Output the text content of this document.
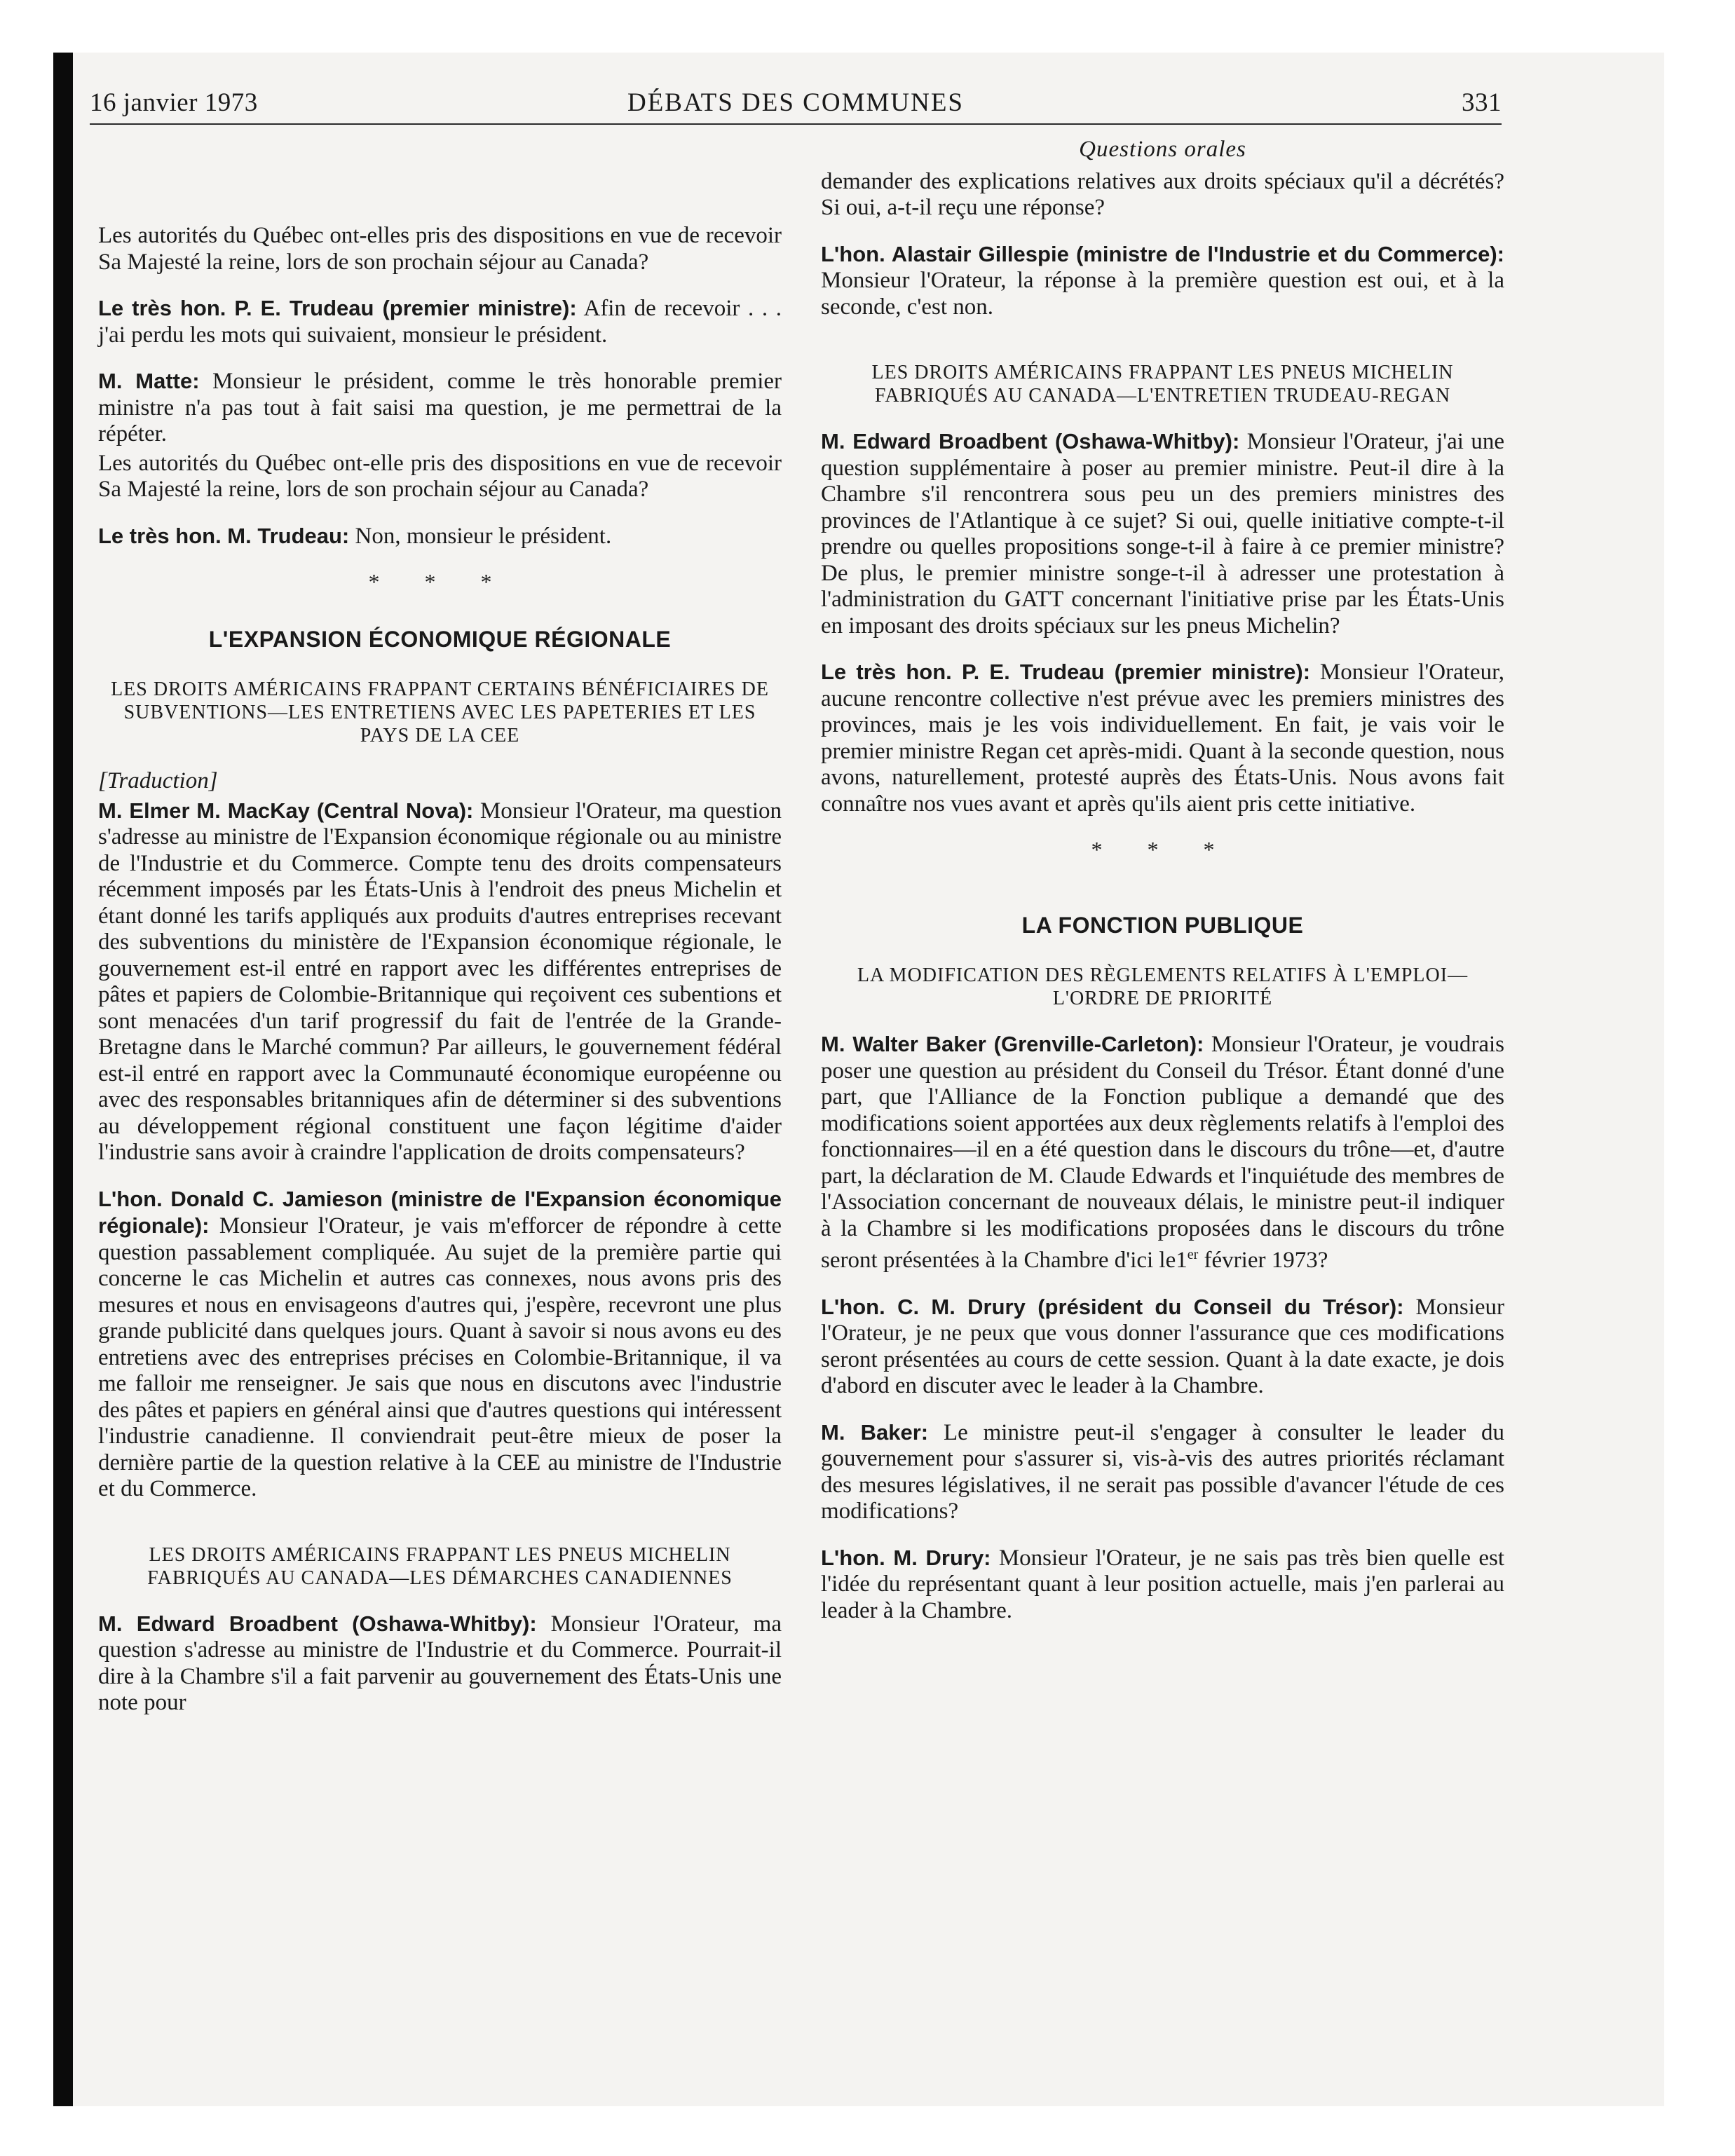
16 janvier 1973	DÉBATS DES COMMUNES	331

Les autorités du Québec ont-elles pris des dispositions en vue de recevoir Sa Majesté la reine, lors de son prochain séjour au Canada?

Le très hon. P. E. Trudeau (premier ministre): Afin de recevoir . . . j'ai perdu les mots qui suivaient, monsieur le président.

M. Matte: Monsieur le président, comme le très honorable premier ministre n'a pas tout à fait saisi ma question, je me permettrai de la répéter.

Les autorités du Québec ont-elle pris des dispositions en vue de recevoir Sa Majesté la reine, lors de son prochain séjour au Canada?

Le très hon. M. Trudeau: Non, monsieur le président.

* * *
L'EXPANSION ÉCONOMIQUE RÉGIONALE
LES DROITS AMÉRICAINS FRAPPANT CERTAINS BÉNÉFICIAIRES DE SUBVENTIONS—LES ENTRETIENS AVEC LES PAPETERIES ET LES PAYS DE LA CEE

[Traduction]

M. Elmer M. MacKay (Central Nova): Monsieur l'Orateur, ma question s'adresse au ministre de l'Expansion économique régionale ou au ministre de l'Industrie et du Commerce. Compte tenu des droits compensateurs récemment imposés par les États-Unis à l'endroit des pneus Michelin et étant donné les tarifs appliqués aux produits d'autres entreprises recevant des subventions du ministère de l'Expansion économique régionale, le gouvernement est-il entré en rapport avec les différentes entreprises de pâtes et papiers de Colombie-Britannique qui reçoivent ces subentions et sont menacées d'un tarif progressif du fait de l'entrée de la Grande-Bretagne dans le Marché commun? Par ailleurs, le gouvernement fédéral est-il entré en rapport avec la Communauté économique européenne ou avec des responsables britanniques afin de déterminer si des subventions au développement régional constituent une façon légitime d'aider l'industrie sans avoir à craindre l'application de droits compensateurs?

L'hon. Donald C. Jamieson (ministre de l'Expansion économique régionale): Monsieur l'Orateur, je vais m'efforcer de répondre à cette question passablement compliquée. Au sujet de la première partie qui concerne le cas Michelin et autres cas connexes, nous avons pris des mesures et nous en envisageons d'autres qui, j'espère, recevront une plus grande publicité dans quelques jours. Quant à savoir si nous avons eu des entretiens avec des entreprises précises en Colombie-Britannique, il va me falloir me renseigner. Je sais que nous en discutons avec l'industrie des pâtes et papiers en général ainsi que d'autres questions qui intéressent l'industrie canadienne. Il conviendrait peut-être mieux de poser la dernière partie de la question relative à la CEE au ministre de l'Industrie et du Commerce.

LES DROITS AMÉRICAINS FRAPPANT LES PNEUS MICHELIN FABRIQUÉS AU CANADA—LES DÉMARCHES CANADIENNES

M. Edward Broadbent (Oshawa-Whitby): Monsieur l'Orateur, ma question s'adresse au ministre de l'Industrie et du Commerce. Pourrait-il dire à la Chambre s'il a fait parvenir au gouvernement des États-Unis une note pour

Questions orales

demander des explications relatives aux droits spéciaux qu'il a décrétés? Si oui, a-t-il reçu une réponse?

L'hon. Alastair Gillespie (ministre de l'Industrie et du Commerce): Monsieur l'Orateur, la réponse à la première question est oui, et à la seconde, c'est non.

LES DROITS AMÉRICAINS FRAPPANT LES PNEUS MICHELIN FABRIQUÉS AU CANADA—L'ENTRETIEN TRUDEAU-REGAN

M. Edward Broadbent (Oshawa-Whitby): Monsieur l'Orateur, j'ai une question supplémentaire à poser au premier ministre. Peut-il dire à la Chambre s'il rencontrera sous peu un des premiers ministres des provinces de l'Atlantique à ce sujet? Si oui, quelle initiative compte-t-il prendre ou quelles propositions songe-t-il à faire à ce premier ministre? De plus, le premier ministre songe-t-il à adresser une protestation à l'administration du GATT concernant l'initiative prise par les États-Unis en imposant des droits spéciaux sur les pneus Michelin?

Le très hon. P. E. Trudeau (premier ministre): Monsieur l'Orateur, aucune rencontre collective n'est prévue avec les premiers ministres des provinces, mais je les vois individuellement. En fait, je vais voir le premier ministre Regan cet après-midi. Quant à la seconde question, nous avons, naturellement, protesté auprès des États-Unis. Nous avons fait connaître nos vues avant et après qu'ils aient pris cette initiative.

* * *
LA FONCTION PUBLIQUE
LA MODIFICATION DES RÈGLEMENTS RELATIFS À L'EMPLOI—L'ORDRE DE PRIORITÉ

M. Walter Baker (Grenville-Carleton): Monsieur l'Orateur, je voudrais poser une question au président du Conseil du Trésor. Étant donné d'une part, que l'Alliance de la Fonction publique a demandé que des modifications soient apportées aux deux règlements relatifs à l'emploi des fonctionnaires—il en a été question dans le discours du trône—et, d'autre part, la déclaration de M. Claude Edwards et l'inquiétude des membres de l'Association concernant de nouveaux délais, le ministre peut-il indiquer à la Chambre si les modifications proposées dans le discours du trône seront présentées à la Chambre d'ici le1er février 1973?

L'hon. C. M. Drury (président du Conseil du Trésor): Monsieur l'Orateur, je ne peux que vous donner l'assurance que ces modifications seront présentées au cours de cette session. Quant à la date exacte, je dois d'abord en discuter avec le leader à la Chambre.

M. Baker: Le ministre peut-il s'engager à consulter le leader du gouvernement pour s'assurer si, vis-à-vis des autres priorités réclamant des mesures législatives, il ne serait pas possible d'avancer l'étude de ces modifications?

L'hon. M. Drury: Monsieur l'Orateur, je ne sais pas très bien quelle est l'idée du représentant quant à leur position actuelle, mais j'en parlerai au leader à la Chambre.
